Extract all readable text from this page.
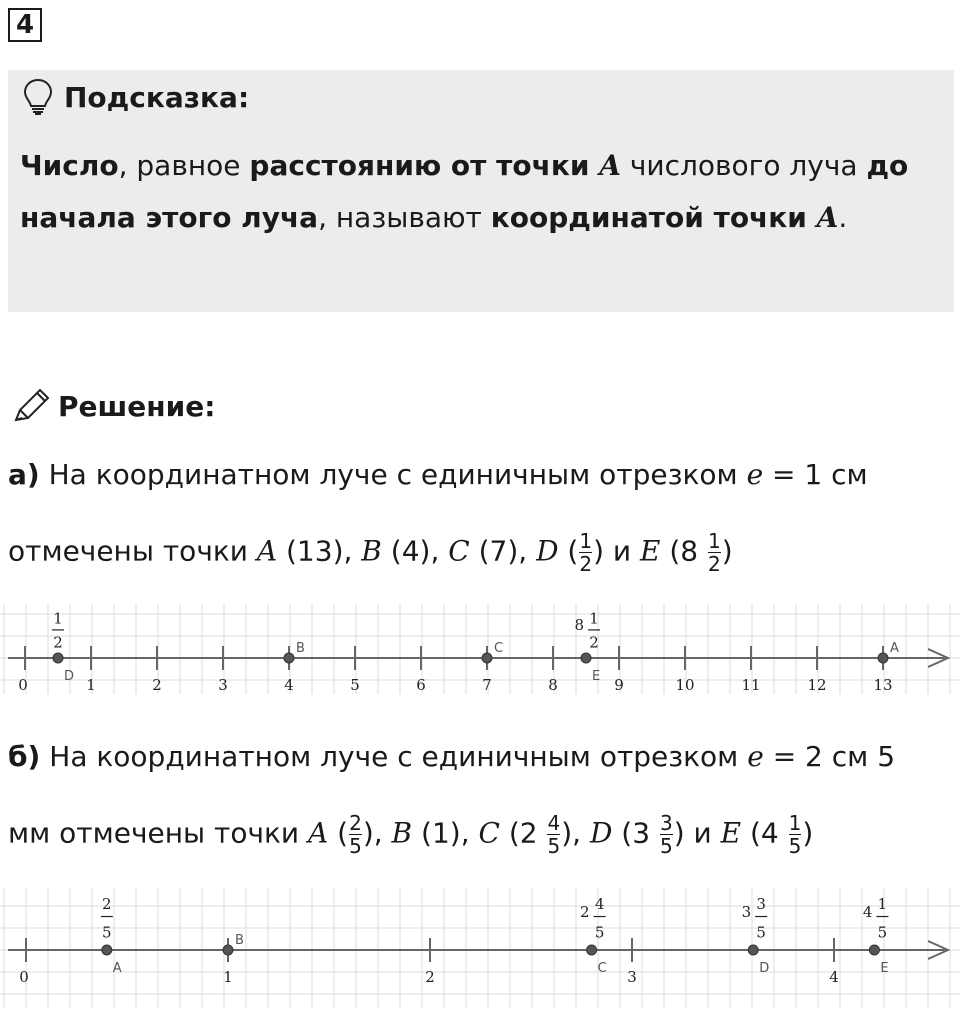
4
Подсказка:
Число, равное расстоянию от точки A числового луча до
начала этого луча, называют координатой точки A.
Решение:
а) На координатном луче с единичным отрезком e = 1 см
отмечены точки A (13), B (4), C (7), D ( $\frac{1}{2}$ ) и E ($8 \frac{1}{2}$ )
0	1	2	3	4	5	6	7	8	9	10	11	12	13
D
1
2	B	C
E
8 1
2	A
б) На координатном луче с единичным отрезком e = 2 см 5
мм отмечены точки A ( $\frac{2}{5}$ ), B (1), C ($2 \frac{4}{5}$ ), D ($3 \frac{3}{5}$ ) и E ($4 \frac{1}{5}$ )
0	1	2	3	4
A
2
5	B
C
2 4
5
D
3 3
5
E
4 1
5
